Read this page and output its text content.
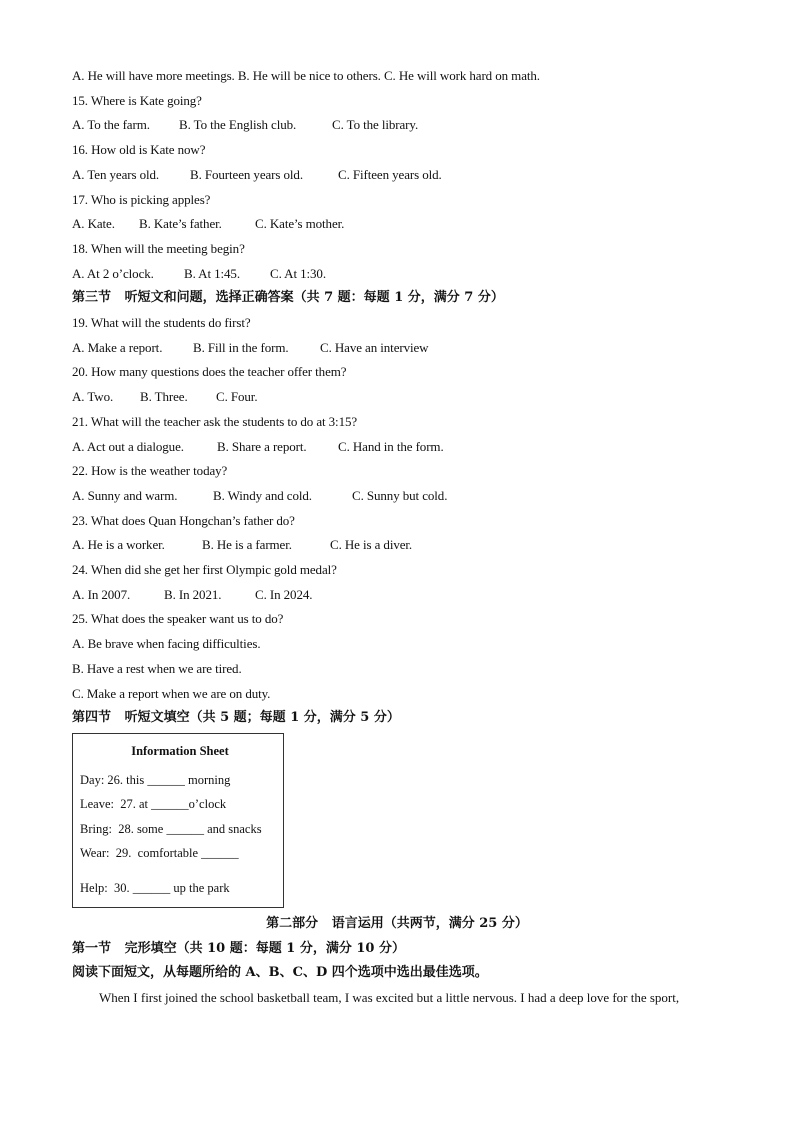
A. He will have more meetings. B. He will be nice to others. C. He will work hard on math.
15. Where is Kate going?
A. To the farm. B. To the English club.	C. To the library.
16. How old is Kate now?
A. Ten years old. B. Fourteen years old.	C. Fifteen years old.
17. Who is picking apples?
A. Kate. B. Kate’s father.	C. Kate’s mother.
18. When will the meeting begin?
A. At 2 o’clock. B. At 1:45. C. At 1:30.
第三节   听短文和问题，选择正确答案（共 7 题：每题 1 分，满分 7 分）
19. What will the students do first?
A. Make a report. B. Fill in the form. C. Have an interview
20. How many questions does the teacher offer them?
A. Two. B. Three. C. Four.
21. What will the teacher ask the students to do at 3:15?
A. Act out a dialogue.	B. Share a report. C. Hand in the form.
22. How is the weather today?
A. Sunny and warm.	B. Windy and cold.	C. Sunny but cold.
23. What does Quan Hongchan’s father do?
A. He is a worker.	B. He is a farmer.	C. He is a diver.
24. When did she get her first Olympic gold medal?
A. In 2007.	B. In 2021.	C. In 2024.
25. What does the speaker want us to do?
A. Be brave when facing difficulties.
B. Have a rest when we are tired.
C. Make a report when we are on duty.
第四节   听短文填空（共 5 题；每题 1 分，满分 5 分）
Information Sheet
Day: 26. this ______ morning
Leave:  27. at ______o’clock
Bring:  28. some ______ and snacks
Wear:  29.  comfortable ______
Help:  30. ______ up the park
第二部分   语言运用（共两节，满分 25 分）
第一节   完形填空（共 10 题：每题 1 分，满分 10 分）
阅读下面短文，从每题所给的 A、B、C、D 四个选项中选出最佳选项。
When I first joined the school basketball team, I was excited but a little nervous. I had a deep love for the sport,
